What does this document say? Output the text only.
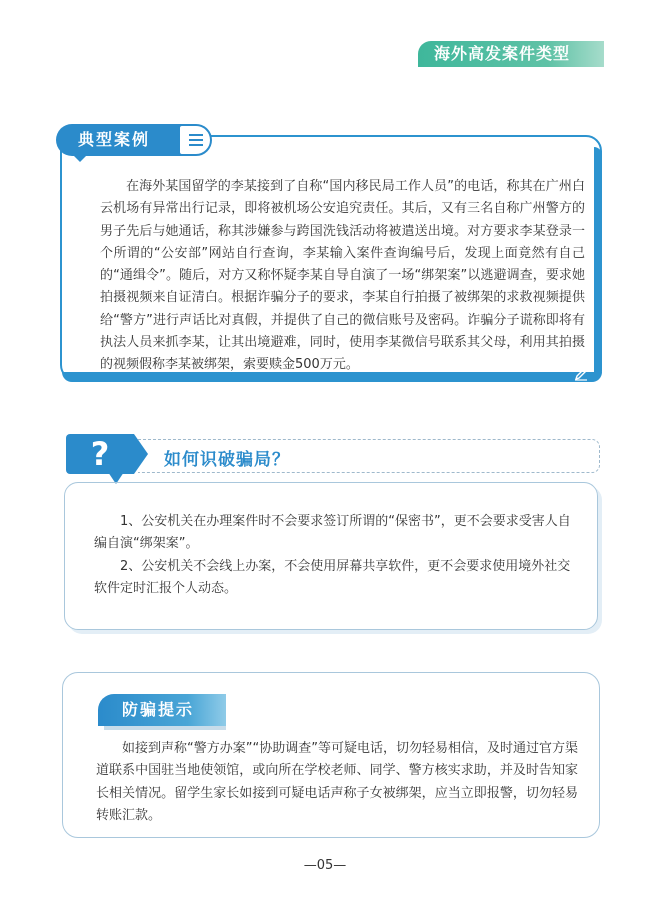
海外高发案件类型
典型案例
在海外某国留学的李某接到了自称“国内移民局工作人员”的电话，称其在广州白云机场有异常出行记录，即将被机场公安追究责任。其后，又有三名自称广州警方的男子先后与她通话，称其涉嫌参与跨国洗钱活动将被遣送出境。对方要求李某登录一个所谓的“公安部”网站自行查询，李某输入案件查询编号后，发现上面竟然有自己的“通缉令”。随后，对方又称怀疑李某自导自演了一场“绑架案”以逃避调查，要求她拍摄视频来自证清白。根据诈骗分子的要求，李某自行拍摄了被绑架的求救视频提供给“警方”进行声话比对真假，并提供了自己的微信账号及密码。诈骗分子谎称即将有执法人员来抓李某，让其出境避难，同时，使用李某微信号联系其父母，利用其拍摄的视频假称李某被绑架，索要赎金500万元。
?	如何识破骗局？

1、公安机关在办理案件时不会要求签订所谓的“保密书”，更不会要求受害人自编自演“绑架案”。

2、公安机关不会线上办案，不会使用屏幕共享软件，更不会要求使用境外社交软件定时汇报个人动态。

防骗提示
如接到声称“警方办案”“协助调查”等可疑电话，切勿轻易相信，及时通过官方渠道联系中国驻当地使领馆，或向所在学校老师、同学、警方核实求助，并及时告知家长相关情况。留学生家长如接到可疑电话声称子女被绑架，应当立即报警，切勿轻易转账汇款。
—05—
